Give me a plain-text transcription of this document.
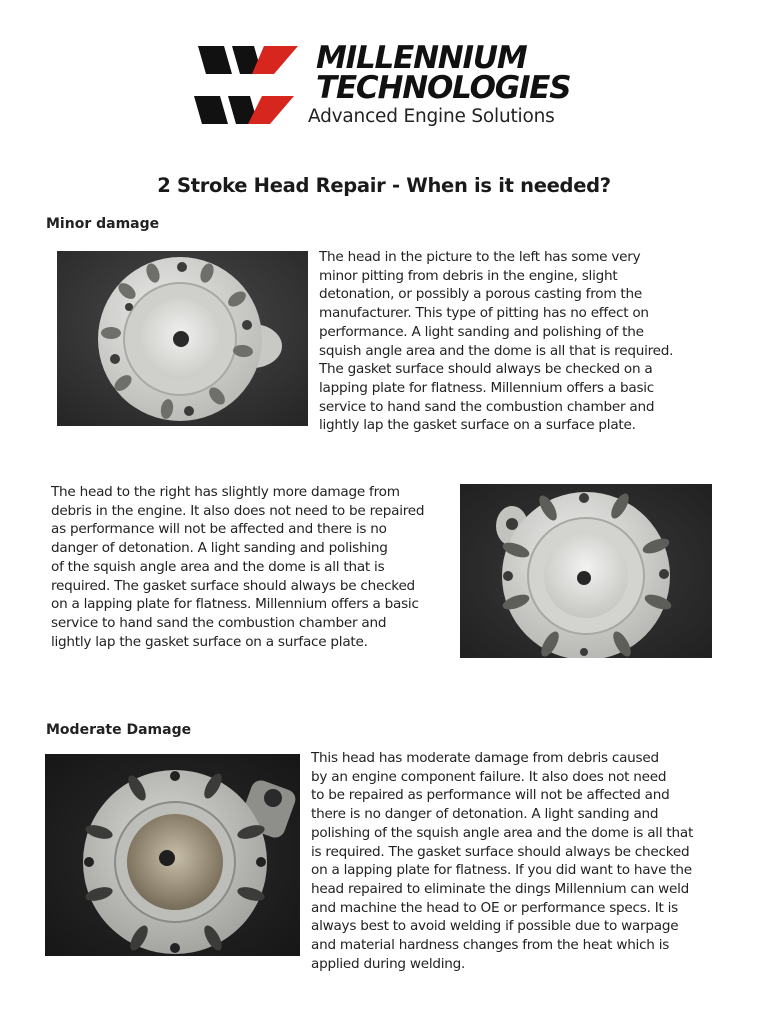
MILLENNIUM
TECHNOLOGIES
Advanced Engine Solutions
2 Stroke Head Repair - When is it needed?
Minor damage

The head in the picture to the left has some very
minor pitting from debris in the engine, slight
detonation, or possibly a porous casting from the
manufacturer. This type of pitting has no effect on
performance. A light sanding and polishing of the
squish angle area and the dome is all that is required.
The gasket surface should always be checked on a
lapping plate for flatness. Millennium offers a basic
service to hand sand the combustion chamber and
lightly lap the gasket surface on a surface plate.

The head to the right has slightly more damage from
debris in the engine. It also does not need to be repaired
as performance will not be affected and there is no
danger of detonation. A light sanding and polishing
of the squish angle area and the dome is all that is
required. The gasket surface should always be checked
on a lapping plate for flatness. Millennium offers a basic
service to hand sand the combustion chamber and
lightly lap the gasket surface on a surface plate.

Moderate Damage

This head has moderate damage from debris caused
by an engine component failure. It also does not need
to be repaired as performance will not be affected and
there is no danger of detonation. A light sanding and
polishing of the squish angle area and the dome is all that
is required. The gasket surface should always be checked
on a lapping plate for flatness. If you did want to have the
head repaired to eliminate the dings Millennium can weld
and machine the head to OE or performance specs. It is
always best to avoid welding if possible due to warpage
and material hardness changes from the heat which is
applied during welding.
